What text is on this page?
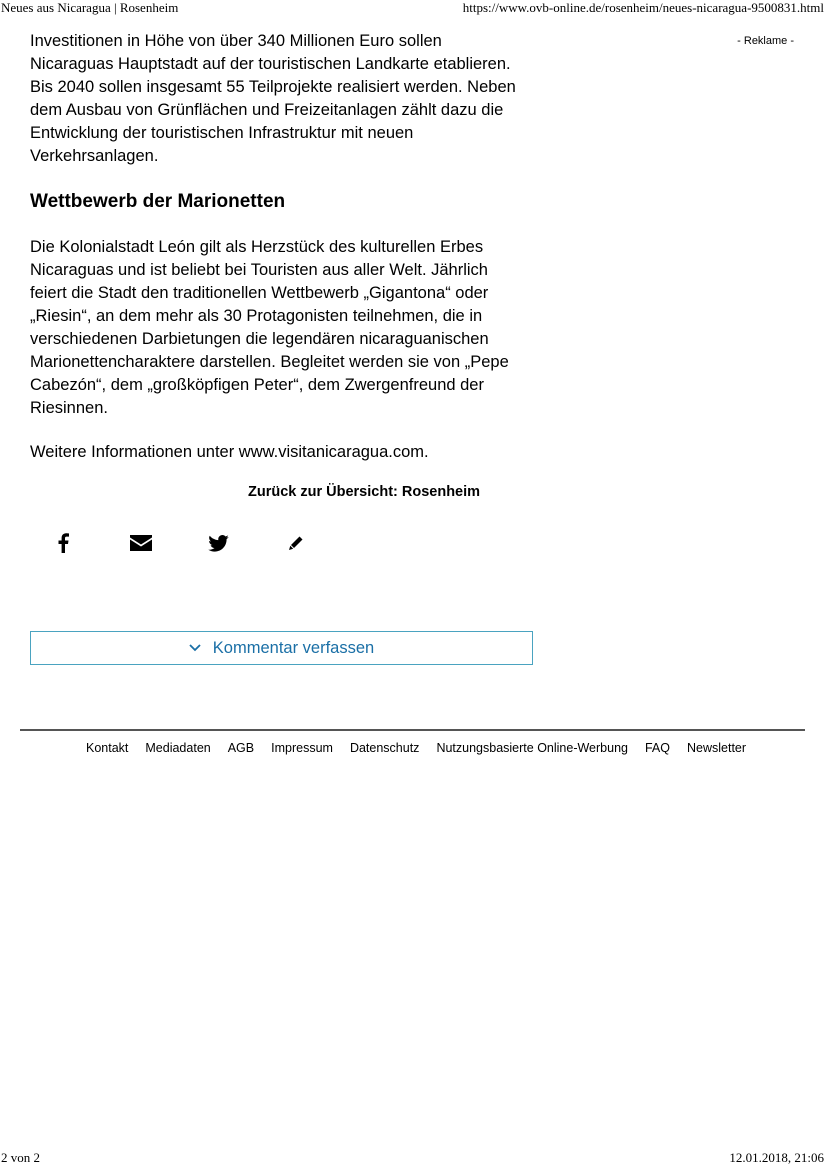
Neues aus Nicaragua | Rosenheim	https://www.ovb-online.de/rosenheim/neues-nicaragua-9500831.html
- Reklame -

Investitionen in Höhe von über 340 Millionen Euro sollen Nicaraguas Hauptstadt auf der touristischen Landkarte etablieren. Bis 2040 sollen insgesamt 55 Teilprojekte realisiert werden. Neben dem Ausbau von Grünflächen und Freizeitanlagen zählt dazu die Entwicklung der touristischen Infrastruktur mit neuen Verkehrsanlagen.

Wettbewerb der Marionetten

Die Kolonialstadt León gilt als Herzstück des kulturellen Erbes Nicaraguas und ist beliebt bei Touristen aus aller Welt. Jährlich feiert die Stadt den traditionellen Wettbewerb „Gigantona“ oder „Riesin“, an dem mehr als 30 Protagonisten teilnehmen, die in verschiedenen Darbietungen die legendären nicaraguanischen Marionettencharaktere darstellen. Begleitet werden sie von „Pepe Cabezón“, dem „großköpfigen Peter“, dem Zwergenfreund der Riesinnen.

Weitere Informationen unter www.visitanicaragua.com.

Zurück zur Übersicht: Rosenheim
Kommentar verfassen
Kontakt Mediadaten AGB Impressum Datenschutz Nutzungsbasierte Online-Werbung FAQ Newsletter
2 von 2	12.01.2018, 21:06
